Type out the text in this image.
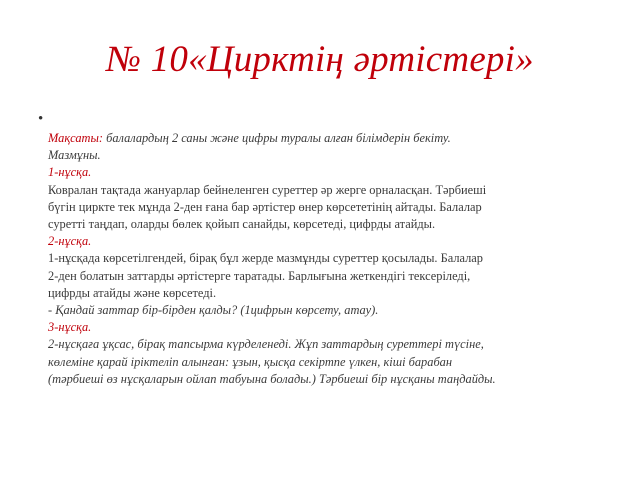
№ 10«Цирктің әртістері»
•
Мақсаты: балалардың 2 саны және цифры туралы алған білімдерін бекіту.
Мазмұны.
1-нұсқа.
Ковралан тақтада жануарлар бейнеленген суреттер әр жерге орналасқан. Тәрбиеші
бүгін циркте тек мұнда 2-ден ғана бар әртістер өнер көрсететінің айтады. Балалар
суретті таңдап, оларды бөлек қойып санайды, көрсетеді, цифрды атайды.
2-нұсқа.
1-нұсқада көрсетілгендей, бірақ бұл жерде мазмұнды суреттер қосылады. Балалар
2-ден болатын заттарды әртістерге таратады. Барлығына жеткендігі тексеріледі,
цифрды атайды және көрсетеді.
- Қандай заттар бір-бірден қалды? (1цифрын көрсету, атау).
3-нұсқа.
2-нұсқаға ұқсас, бірақ тапсырма күрделенеді. Жұп заттардың суреттері түсіне,
көлеміне қарай іріктеліп алынған: ұзын, қысқа секіртпе үлкен, кіші барабан
(тәрбиеші өз нұсқаларын ойлап табуына болады.) Тәрбиеші бір нұсқаны таңдайды.
